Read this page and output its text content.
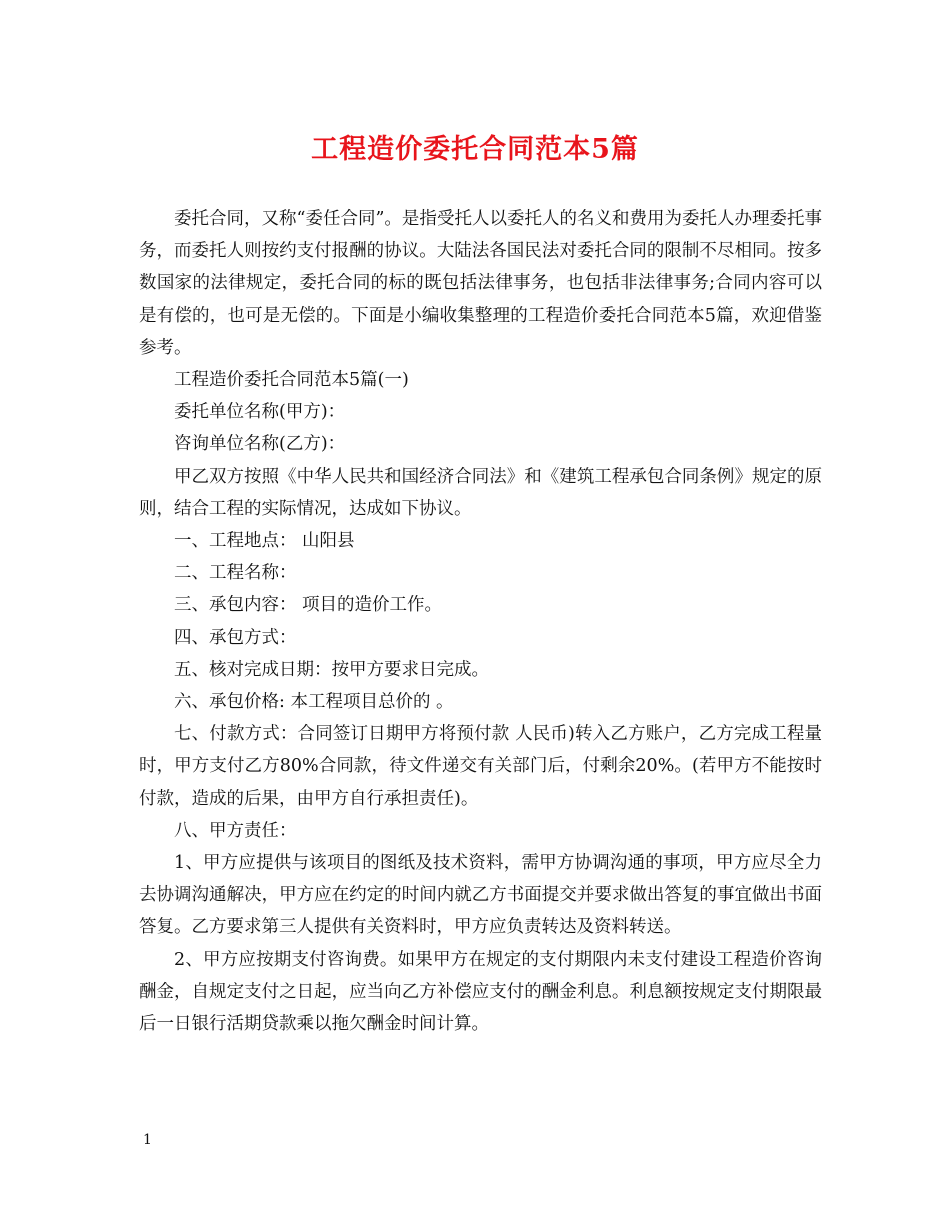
工程造价委托合同范本5篇

委托合同，又称“委任合同”。是指受托人以委托人的名义和费用为委托人办理委托事务，而委托人则按约支付报酬的协议。大陆法各国民法对委托合同的限制不尽相同。按多数国家的法律规定，委托合同的标的既包括法律事务，也包括非法律事务;合同内容可以是有偿的，也可是无偿的。下面是小编收集整理的工程造价委托合同范本5篇，欢迎借鉴参考。

工程造价委托合同范本5篇(一)

委托单位名称(甲方)：

咨询单位名称(乙方)：

甲乙双方按照《中华人民共和国经济合同法》和《建筑工程承包合同条例》规定的原则，结合工程的实际情况，达成如下协议。

一、工程地点： 山阳县

二、工程名称：

三、承包内容： 项目的造价工作。

四、承包方式：

五、核对完成日期：按甲方要求日完成。

六、承包价格: 本工程项目总价的 。

七、付款方式：合同签订日期甲方将预付款 人民币)转入乙方账户，乙方完成工程量时，甲方支付乙方80%合同款，待文件递交有关部门后，付剩余20%。(若甲方不能按时付款，造成的后果，由甲方自行承担责任)。

八、甲方责任：

1、甲方应提供与该项目的图纸及技术资料，需甲方协调沟通的事项，甲方应尽全力去协调沟通解决，甲方应在约定的时间内就乙方书面提交并要求做出答复的事宜做出书面答复。乙方要求第三人提供有关资料时，甲方应负责转达及资料转送。

2、甲方应按期支付咨询费。如果甲方在规定的支付期限内未支付建设工程造价咨询酬金，自规定支付之日起，应当向乙方补偿应支付的酬金利息。利息额按规定支付期限最后一日银行活期贷款乘以拖欠酬金时间计算。

1
